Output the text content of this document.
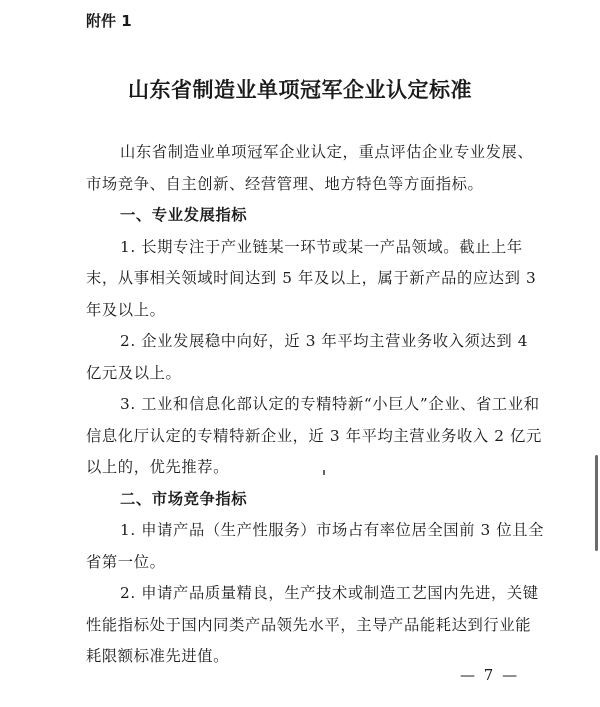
附件 1
山东省制造业单项冠军企业认定标准

山东省制造业单项冠军企业认定，重点评估企业专业发展、市场竞争、自主创新、经营管理、地方特色等方面指标。

一、专业发展指标

1. 长期专注于产业链某一环节或某一产品领域。截止上年末，从事相关领域时间达到 5 年及以上，属于新产品的应达到 3 年及以上。

2. 企业发展稳中向好，近 3 年平均主营业务收入须达到 4 亿元及以上。

3. 工业和信息化部认定的专精特新“小巨人”企业、省工业和信息化厅认定的专精特新企业，近 3 年平均主营业务收入 2 亿元以上的，优先推荐。

二、市场竞争指标

1. 申请产品（生产性服务）市场占有率位居全国前 3 位且全省第一位。

2. 申请产品质量精良，生产技术或制造工艺国内先进，关键性能指标处于国内同类产品领先水平，主导产品能耗达到行业能耗限额标准先进值。

— 7 —
